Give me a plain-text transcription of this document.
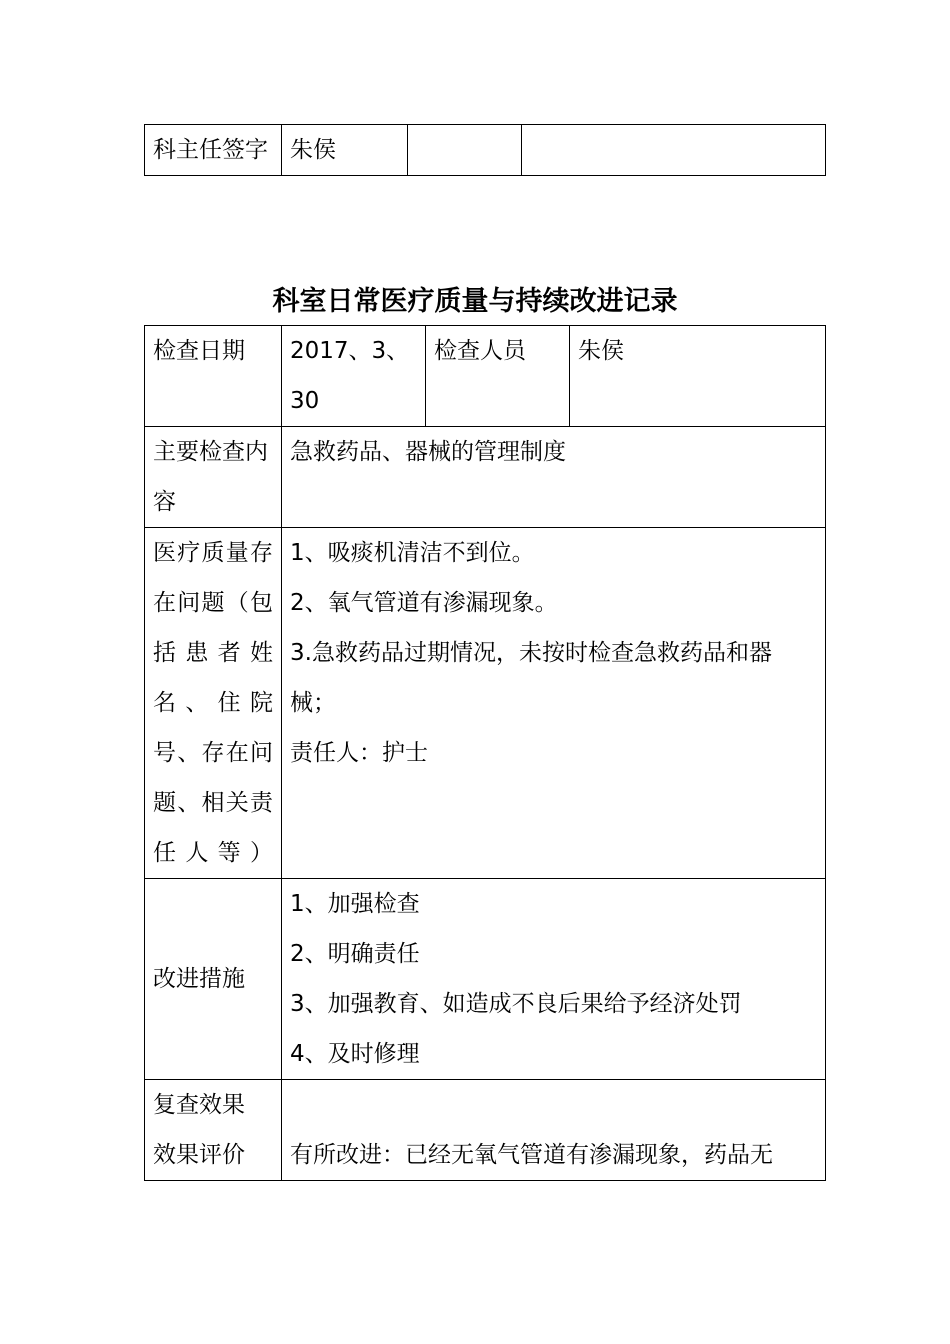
科主任签字	朱侯		
科室日常医疗质量与持续改进记录
检查日期	2017、3、30	检查人员	朱侯
主要检查内容	急救药品、器械的管理制度		
医疗质量存在问题（包括患者姓名、住院号、存在问题、相关责任人等）	1、吸痰机清洁不到位。
2、氧气管道有渗漏现象。
3.急救药品过期情况，未按时检查急救药品和器
械；
责任人：护士		

改进措施	1、加强检查
2、明确责任
3、加强教育、如造成不良后果给予经济处罚
4、及时修理		

复查效果
效果评价	有所改进：已经无氧气管道有渗漏现象，药品无		
